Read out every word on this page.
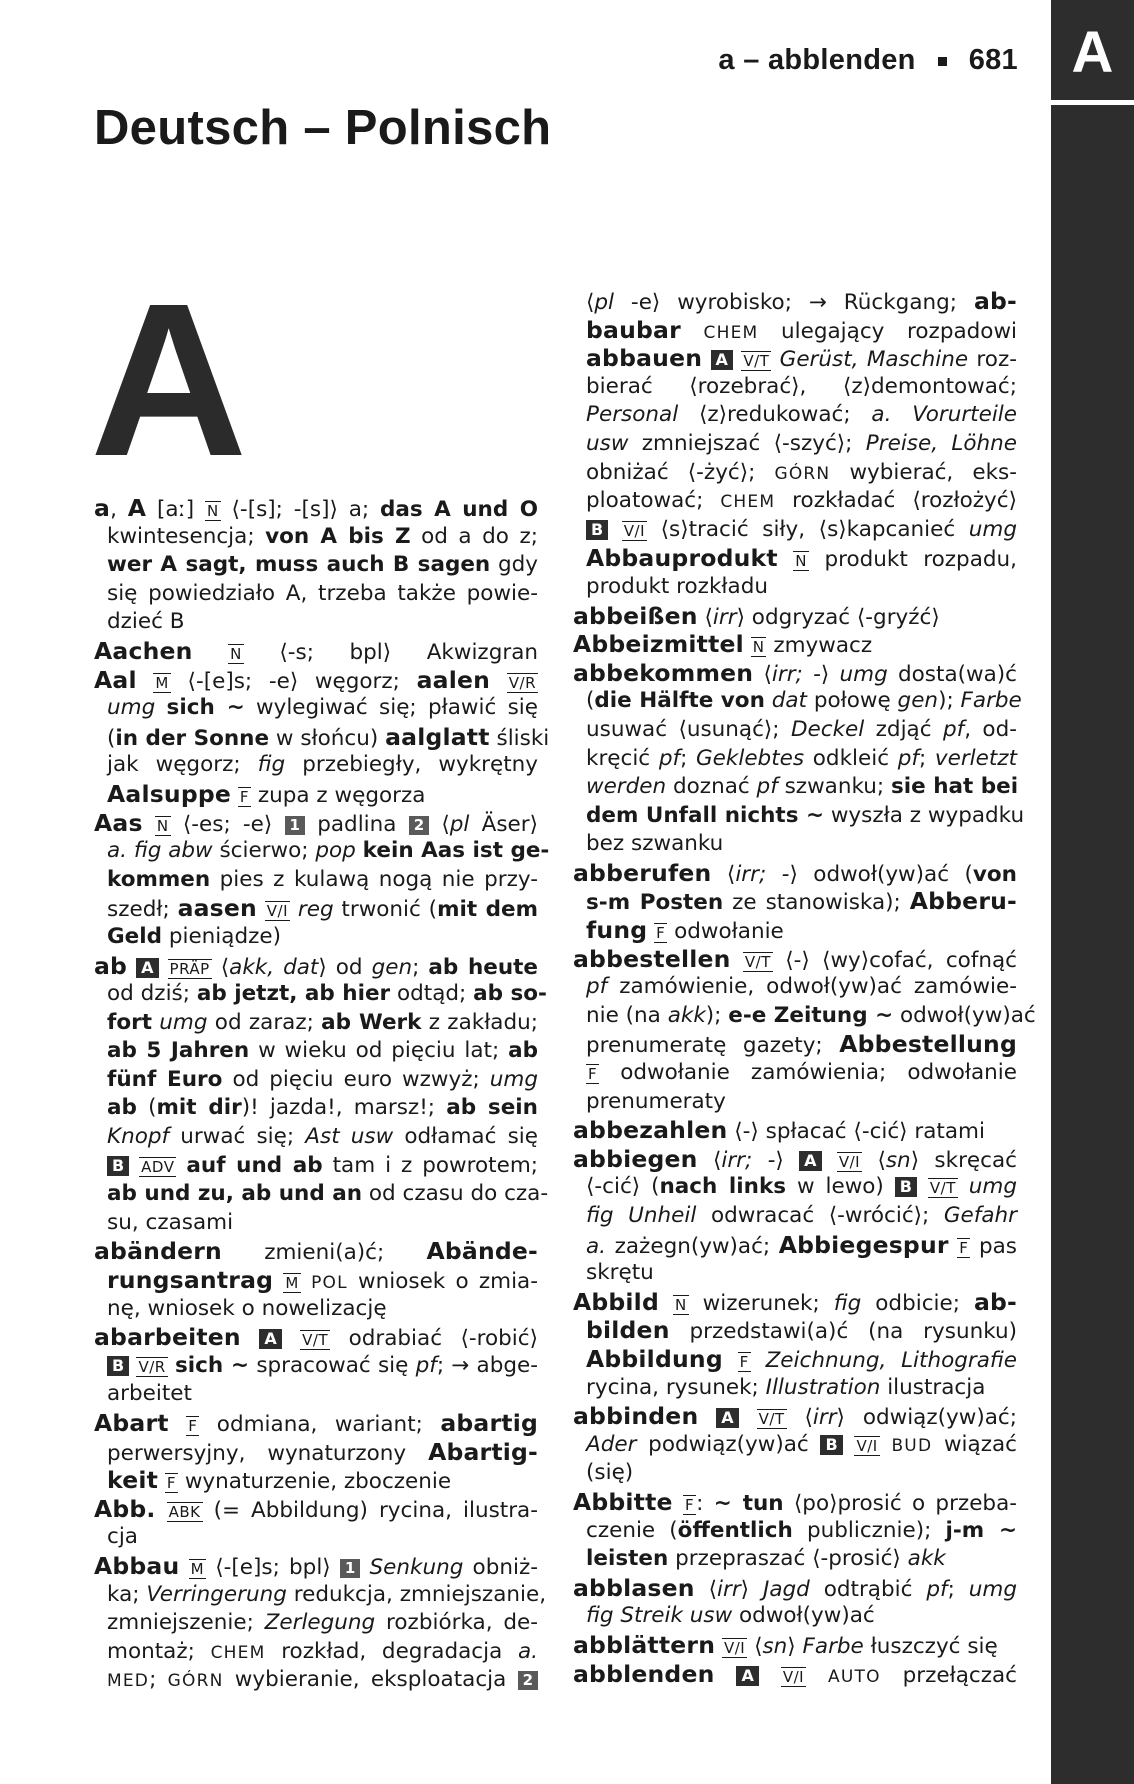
A
a – abblenden 681
Deutsch – Polnisch
A
a, A [aː] N ⟨-[s]; -[s]⟩ a; das A und O
kwintesencja; von A bis Z od a do z;
wer A sagt, muss auch B sagen gdy
się powiedziało A, trzeba także powie-
dzieć B
Aachen	N ⟨-s; bpl⟩ Akwizgran
Aal M ⟨-[e]s; -e⟩ węgorz; aalen V/R
umg sich ~ wylegiwać się; pławić się
(in der Sonne w słońcu) aalglatt śliski
jak węgorz; fig przebiegły, wykrętny
Aalsuppe F zupa z węgorza
Aas N ⟨-es; -e⟩ 1 padlina 2 ⟨pl Äser⟩
a. fig abw ścierwo; pop kein Aas ist ge-
kommen pies z kulawą nogą nie przy-
szedł; aasen V/I reg trwonić (mit dem
Geld pieniądze)
ab A PRÄP ⟨akk, dat⟩ od gen; ab heute
od dziś; ab jetzt, ab hier odtąd; ab so-
fort umg od zaraz; ab Werk z zakładu;
ab 5 Jahren w wieku od pięciu lat; ab
fünf Euro od pięciu euro wzwyż; umg
ab (mit dir)! jazda!, marsz!; ab sein
Knopf urwać się; Ast usw odłamać się
B ADV auf und ab tam i z powrotem;
ab und zu, ab und an od czasu do cza-
su, czasami
abändern zmieni(a)ć; Abände-
rungsantrag M POL wniosek o zmia-
nę, wniosek o nowelizację
abarbeiten A V/T odrabiać ⟨-robić⟩
B V/R sich ~ spracować się pf; → abge-
arbeitet
Abart F odmiana, wariant; abartig
perwersyjny, wynaturzony Abartig-
keit F wynaturzenie, zboczenie
Abb. ABK (= Abbildung) rycina, ilustra-
cja
Abbau M ⟨-[e]s; bpl⟩ 1 Senkung obniż-
ka; Verringerung redukcja, zmniejszanie,
zmniejszenie; Zerlegung rozbiórka, de-
montaż; CHEM rozkład, degradacja a.
MED; GÓRN wybieranie, eksploatacja 2
⟨pl -e⟩ wyrobisko; → Rückgang; ab-
baubar CHEM ulegający rozpadowi
abbauen A V/T Gerüst, Maschine roz-
bierać ⟨rozebrać⟩, ⟨z⟩demontować;
Personal ⟨z⟩redukować; a. Vorurteile
usw zmniejszać ⟨-szyć⟩; Preise, Löhne
obniżać ⟨-żyć⟩; GÓRN wybierać, eks-
ploatować; CHEM rozkładać ⟨rozłożyć⟩
B V/I ⟨s⟩tracić siły, ⟨s⟩kapcanieć umg
Abbauprodukt N produkt rozpadu,
produkt rozkładu
abbeißen ⟨irr⟩ odgryzać ⟨-gryźć⟩
Abbeizmittel N zmywacz
abbekommen ⟨irr; -⟩ umg dosta(wa)ć
(die Hälfte von dat połowę gen); Farbe
usuwać ⟨usunąć⟩; Deckel zdjąć pf, od-
kręcić pf; Geklebtes odkleić pf; verletzt
werden doznać pf szwanku; sie hat bei
dem Unfall nichts ~ wyszła z wypadku
bez szwanku
abberufen ⟨irr; -⟩ odwoł(yw)ać (von
s-m Posten ze stanowiska); Abberu-
fung F odwołanie
abbestellen V/T ⟨-⟩ ⟨wy⟩cofać, cofnąć
pf zamówienie, odwoł(yw)ać zamówie-
nie (na akk); e-e Zeitung ~ odwoł(yw)ać
prenumeratę gazety; Abbestellung
F odwołanie zamówienia; odwołanie
prenumeraty
abbezahlen ⟨-⟩ spłacać ⟨-cić⟩ ratami
abbiegen ⟨irr; -⟩ A V/I ⟨sn⟩ skręcać
⟨-cić⟩ (nach links w lewo) B V/T umg
fig Unheil odwracać ⟨-wrócić⟩; Gefahr
a. zażegn(yw)ać; Abbiegespur F pas
skrętu
Abbild N wizerunek; fig odbicie; ab-
bilden przedstawi(a)ć (na rysunku)
Abbildung F Zeichnung, Lithografie
rycina, rysunek; Illustration ilustracja
abbinden A V/T ⟨irr⟩ odwiąz(yw)ać;
Ader podwiąz(yw)ać B V/I BUD wiązać
(się)
Abbitte F: ~ tun ⟨po⟩prosić o przeba-
czenie (öffentlich publicznie); j-m ~
leisten przepraszać ⟨-prosić⟩ akk
abblasen ⟨irr⟩ Jagd odtrąbić pf; umg
fig Streik usw odwoł(yw)ać
abblättern V/I ⟨sn⟩ Farbe łuszczyć się
abblenden A V/I AUTO przełączać
